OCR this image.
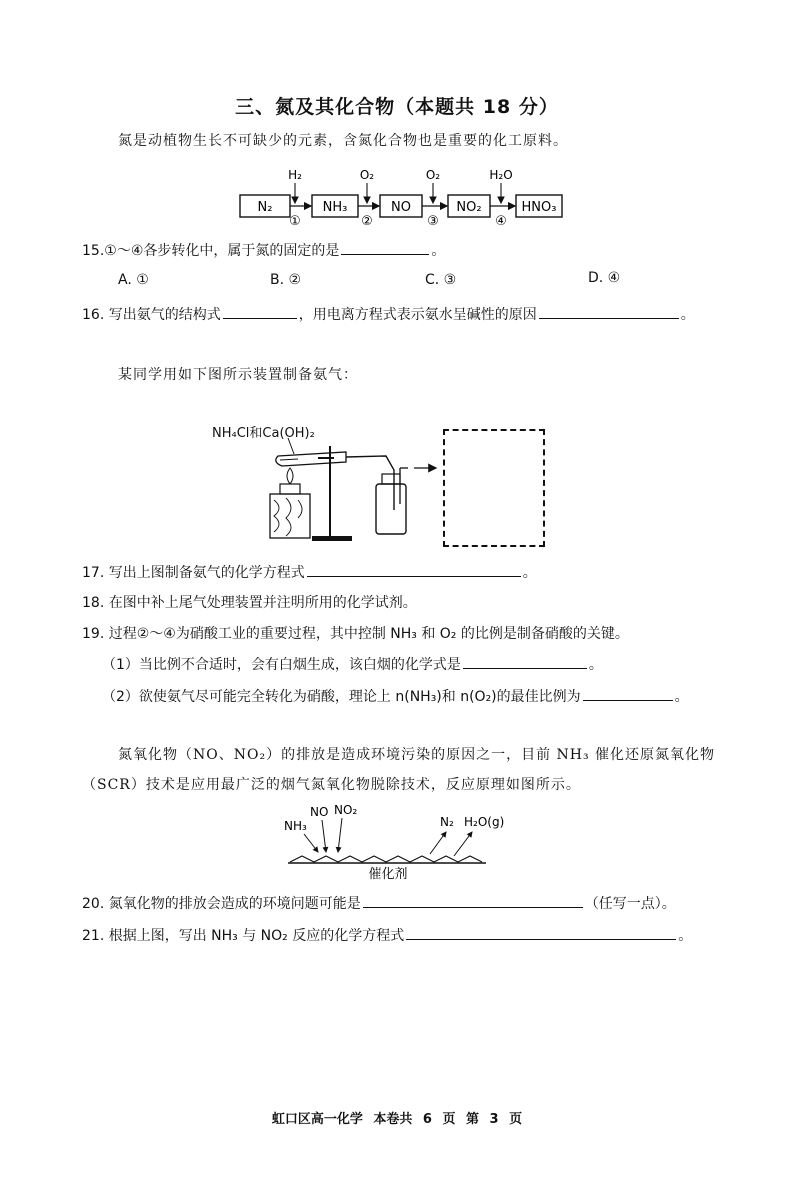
三、氮及其化合物（本题共 18 分）
氮是动植物生长不可缺少的元素，含氮化合物也是重要的化工原料。
N₂	NH₃	NO	NO₂	HNO₃
H₂	O₂	O₂	H₂O
①	②	③	④
15.①～④各步转化中，属于氮的固定的是	。
A. ①	B. ②	C. ③	D. ④
16. 写出氨气的结构式	，用电离方程式表示氨水呈碱性的原因	。
某同学用如下图所示装置制备氨气：
NH₄Cl和Ca(OH)₂
17. 写出上图制备氨气的化学方程式	。
18. 在图中补上尾气处理装置并注明所用的化学试剂。
19. 过程②～④为硝酸工业的重要过程，其中控制 NH₃ 和 O₂ 的比例是制备硝酸的关键。
（1）当比例不合适时，会有白烟生成，该白烟的化学式是	。
（2）欲使氨气尽可能完全转化为硝酸，理论上 n(NH₃)和 n(O₂)的最佳比例为	。
氮氧化物（NO、NO₂）的排放是造成环境污染的原因之一，目前 NH₃ 催化还原氮氧化物
（SCR）技术是应用最广泛的烟气氮氧化物脱除技术，反应原理如图所示。
NH₃
NO NO₂
N₂ H₂O(g)
催化剂
20. 氮氧化物的排放会造成的环境问题可能是	（任写一点）。
21. 根据上图，写出 NH₃ 与 NO₂ 反应的化学方程式	。
虹口区高一化学 本卷共 6 页 第 3 页
